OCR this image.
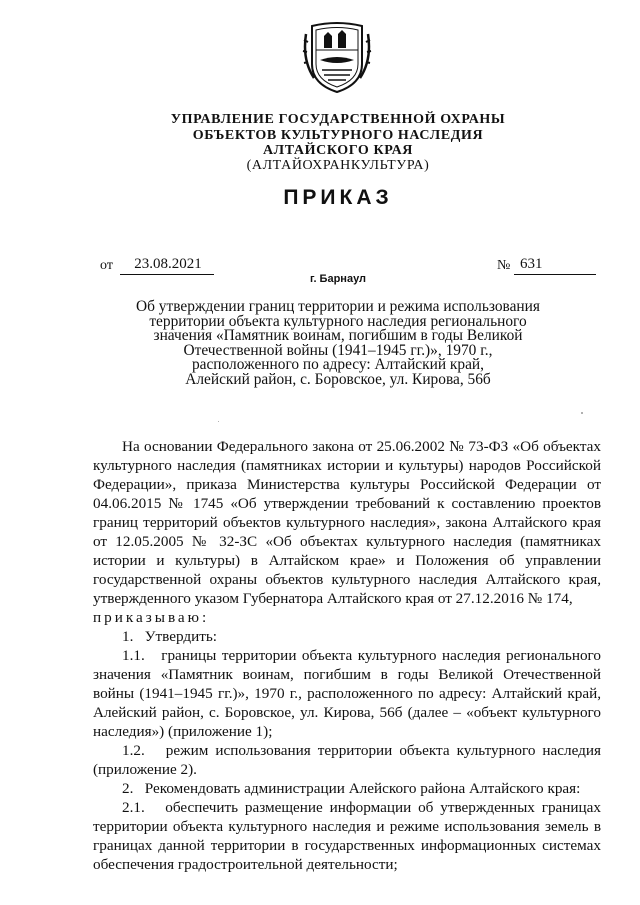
УПРАВЛЕНИЕ ГОСУДАРСТВЕННОЙ ОХРАНЫ
ОБЪЕКТОВ КУЛЬТУРНОГО НАСЛЕДИЯ
АЛТАЙСКОГО КРАЯ
(АЛТАЙОХРАНКУЛЬТУРА)
ПРИКАЗ
от	23.08.2021	№ 631
г. Барнаул
Об утверждении границ территории и режима использования
территории объекта культурного наследия регионального
значения «Памятник воинам, погибшим в годы Великой
Отечественной войны (1941–1945 гг.)», 1970 г.,
расположенного по адресу: Алтайский край,
Алейский район, с. Боровское, ул. Кирова, 56б

На основании Федерального закона от 25.06.2002 № 73-ФЗ «Об объектах культурного наследия (памятниках истории и культуры) народов Российской Федерации», приказа Министерства культуры Российской Федерации от 04.06.2015 № 1745 «Об утверждении требований к составлению проектов границ территорий объектов культурного наследия», закона Алтайского края от 12.05.2005 № 32-ЗС «Об объектах культурного наследия (памятниках истории и культуры) в Алтайском крае» и Положения об управлении государственной охраны объектов культурного наследия Алтайского края, утвержденного указом Губернатора Алтайского края от 27.12.2016 № 174,

приказываю:

1.   Утвердить:

1.1.   границы территории объекта культурного наследия регионального значения «Памятник воинам, погибшим в годы Великой Отечественной войны (1941–1945 гг.)», 1970 г., расположенного по адресу: Алтайский край, Алейский район, с. Боровское, ул. Кирова, 56б (далее – «объект культурного наследия») (приложение 1);

1.2.   режим использования территории объекта культурного наследия (приложение 2).

2.   Рекомендовать администрации Алейского района Алтайского края:

2.1.   обеспечить размещение информации об утвержденных границах территории объекта культурного наследия и режиме использования земель в границах данной территории в государственных информационных системах обеспечения градостроительной деятельности;
